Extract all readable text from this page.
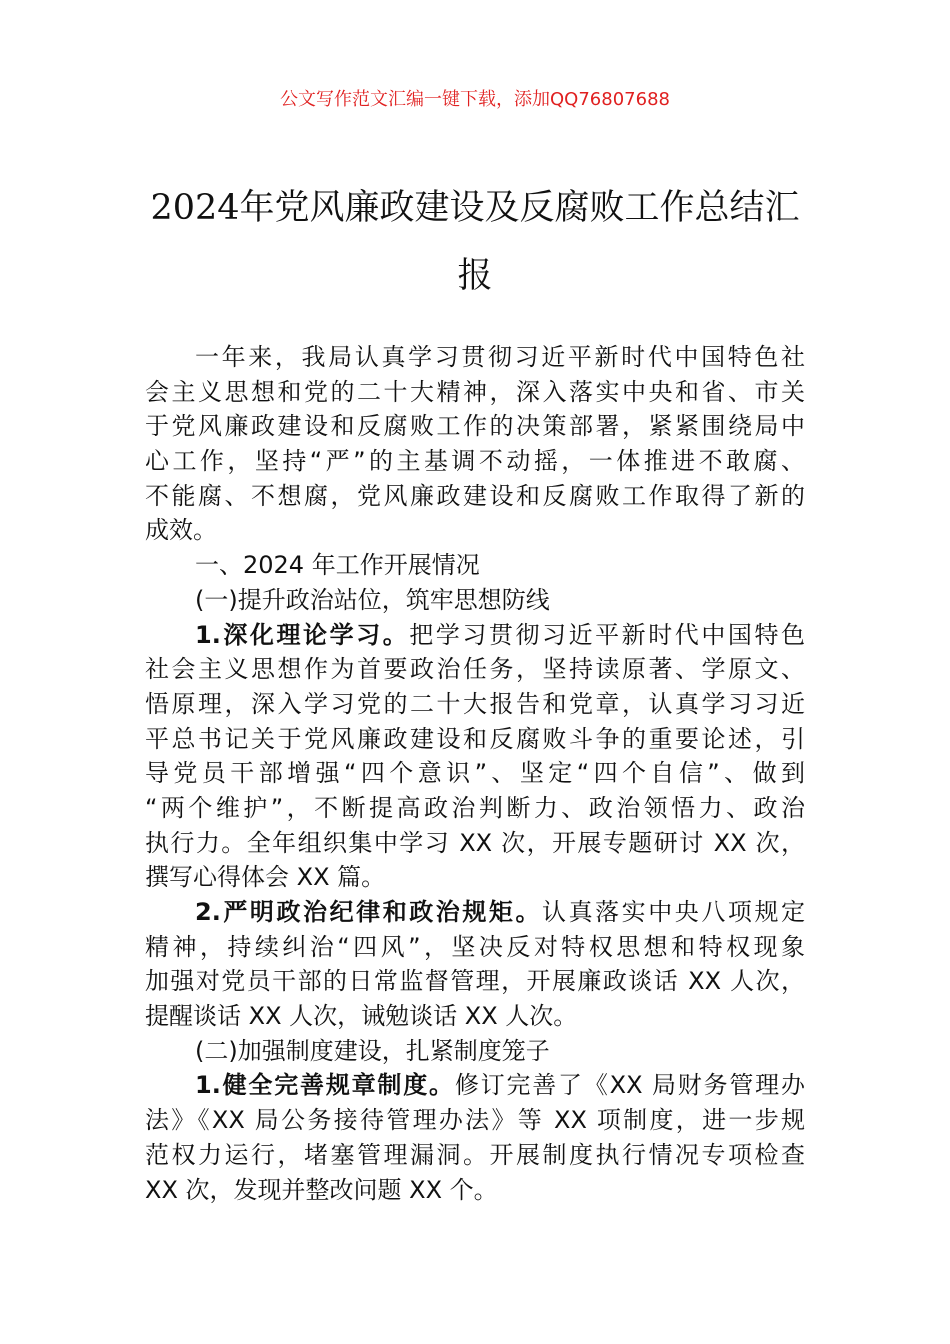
公文写作范文汇编一键下载，添加QQ76807688
2024年党风廉政建设及反腐败工作总结汇
报
一年来，我局认真学习贯彻习近平新时代中国特色社
会主义思想和党的二十大精神，深入落实中央和省、市关
于党风廉政建设和反腐败工作的决策部署，紧紧围绕局中
心工作，坚持“严”的主基调不动摇，一体推进不敢腐、
不能腐、不想腐，党风廉政建设和反腐败工作取得了新的
成效。
一、2024 年工作开展情况
(一)提升政治站位，筑牢思想防线
1.深化理论学习。把学习贯彻习近平新时代中国特色
社会主义思想作为首要政治任务，坚持读原著、学原文、
悟原理，深入学习党的二十大报告和党章，认真学习习近
平总书记关于党风廉政建设和反腐败斗争的重要论述，引
导党员干部增强“四个意识”、坚定“四个自信”、做到
“两个维护”，不断提高政治判断力、政治领悟力、政治
执行力。全年组织集中学习 XX 次，开展专题研讨 XX 次，
撰写心得体会 XX 篇。
2.严明政治纪律和政治规矩。认真落实中央八项规定
精神，持续纠治“四风”，坚决反对特权思想和特权现象
加强对党员干部的日常监督管理，开展廉政谈话 XX 人次，
提醒谈话 XX 人次，诫勉谈话 XX 人次。
(二)加强制度建设，扎紧制度笼子
1.健全完善规章制度。修订完善了《XX 局财务管理办
法》《XX 局公务接待管理办法》等 XX 项制度，进一步规
范权力运行，堵塞管理漏洞。开展制度执行情况专项检查
XX 次，发现并整改问题 XX 个。
